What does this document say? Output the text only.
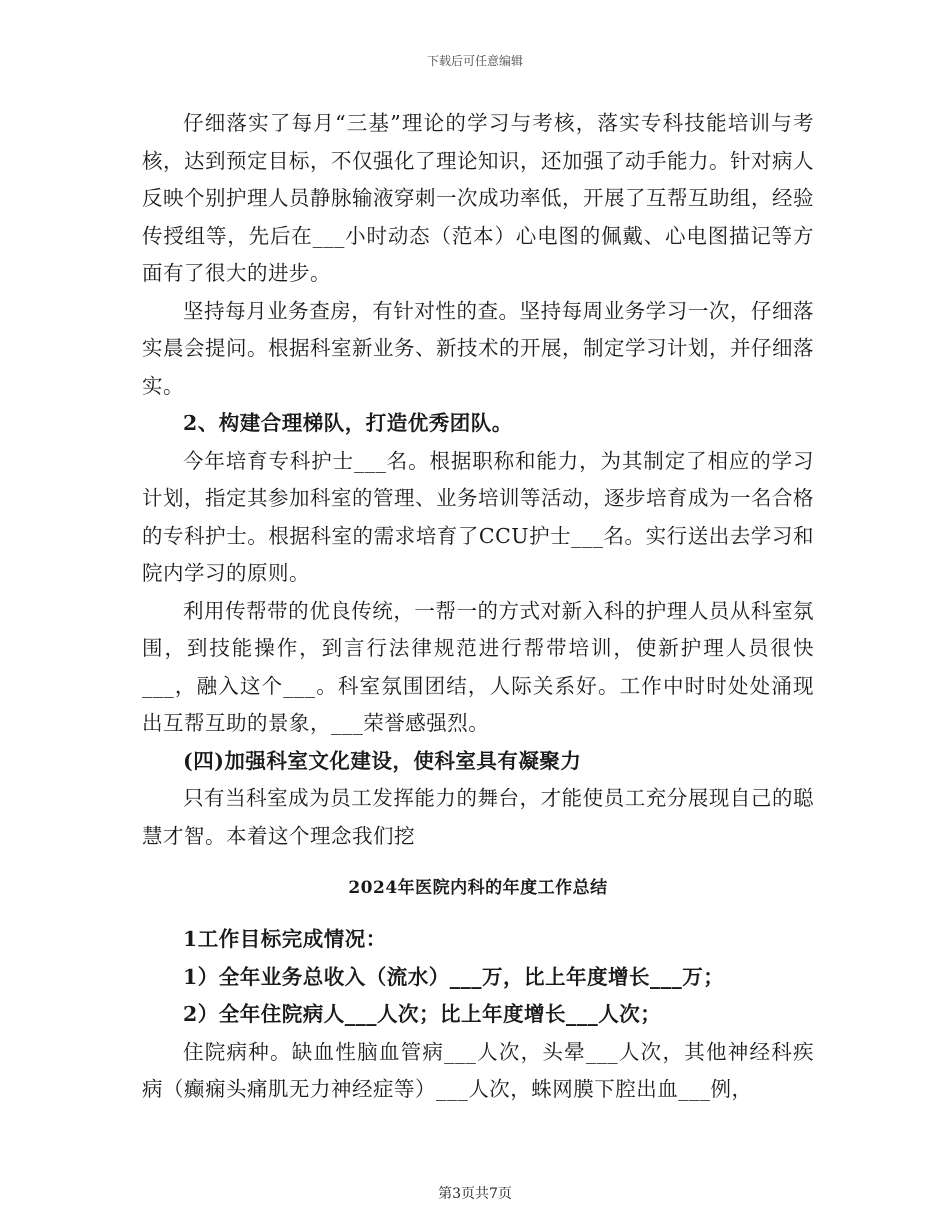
下载后可任意编辑

仔细落实了每月“三基”理论的学习与考核，落实专科技能培训与考核，达到预定目标，不仅强化了理论知识，还加强了动手能力。针对病人反映个别护理人员静脉输液穿刺一次成功率低，开展了互帮互助组，经验传授组等，先后在___小时动态（范本）心电图的佩戴、心电图描记等方面有了很大的进步。

坚持每月业务查房，有针对性的查。坚持每周业务学习一次，仔细落实晨会提问。根据科室新业务、新技术的开展，制定学习计划，并仔细落实。

2、构建合理梯队，打造优秀团队。

今年培育专科护士___名。根据职称和能力，为其制定了相应的学习计划，指定其参加科室的管理、业务培训等活动，逐步培育成为一名合格的专科护士。根据科室的需求培育了CCU护士___名。实行送出去学习和院内学习的原则。

利用传帮带的优良传统，一帮一的方式对新入科的护理人员从科室氛围，到技能操作，到言行法律规范进行帮带培训，使新护理人员很快___，融入这个___。科室氛围团结，人际关系好。工作中时时处处涌现出互帮互助的景象，___荣誉感强烈。

(四)加强科室文化建设，使科室具有凝聚力

只有当科室成为员工发挥能力的舞台，才能使员工充分展现自己的聪慧才智。本着这个理念我们挖

2024年医院内科的年度工作总结

1工作目标完成情况：

1）全年业务总收入（流水）___万，比上年度增长___万；

2）全年住院病人___人次；比上年度增长___人次；

住院病种。缺血性脑血管病___人次，头晕___人次，其他神经科疾病（癫痫头痛肌无力神经症等）___人次，蛛网膜下腔出血___例，

第3页共7页
